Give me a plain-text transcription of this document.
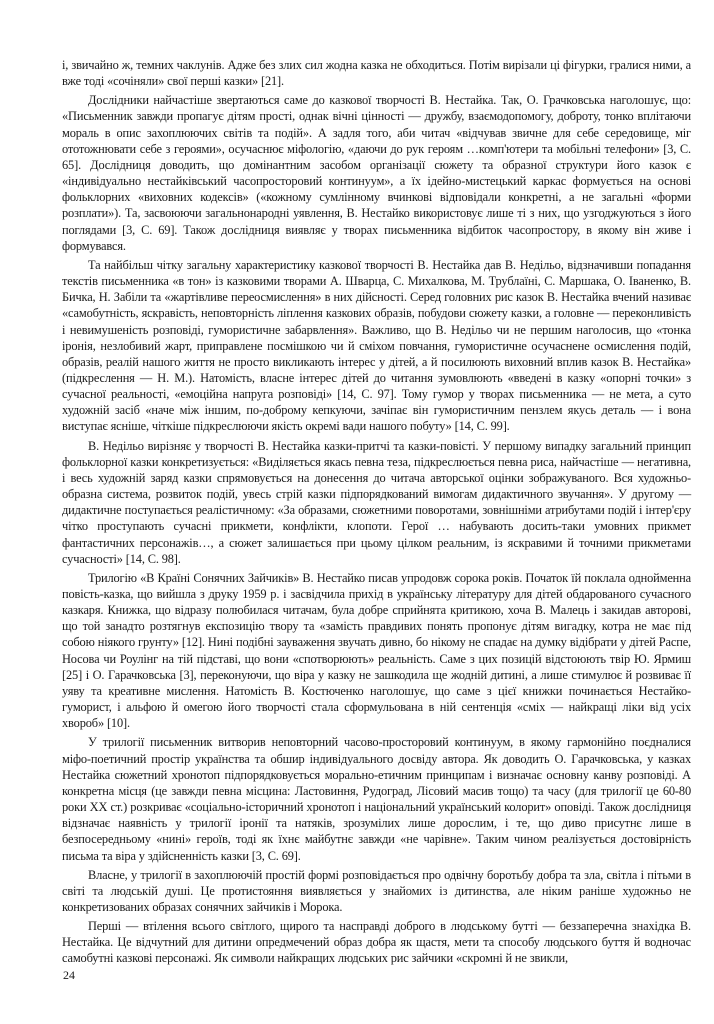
і, звичайно ж, темних чаклунів. Адже без злих сил жодна казка не обходиться. Потім вирізали ці фігурки, гралися ними, а вже тоді «сочіняли» свої перші казки» [21].

Дослідники найчастіше звертаються саме до казкової творчості В. Нестайка. Так, О. Грачковська наголошує, що: «Письменник завжди пропагує дітям прості, однак вічні цінності — дружбу, взаємодопомогу, доброту, тонко вплітаючи мораль в опис захоплюючих світів та подій». А задля того, аби читач «відчував звичне для себе середовище, міг ототожнювати себе з героями», осучаснює міфологію, «даючи до рук героям …комп'ютери та мобільні телефони» [3, С. 65]. Дослідниця доводить, що домінантним засобом організації сюжету та образної структури його казок є «індивідуально нестайківський часопросторовий континуум», а їх ідейно-мистецький каркас формується на основі фольклорних «виховних кодексів» («кожному сумлінному вчинкові відповідали конкретні, а не загальні «форми розплати»). Та, засвоюючи загальнонародні уявлення, В. Нестайко використовує лише ті з них, що узгоджуються з його поглядами [3, С. 69]. Також дослідниця виявляє у творах письменника відбиток часопростору, в якому він живе і формувався.

Та найбільш чітку загальну характеристику казкової творчості В. Нестайка дав В. Недільо, відзначивши попадання текстів письменника «в тон» із казковими творами А. Шварца, С. Михалкова, М. Трублаїні, С. Маршака, О. Іваненко, В. Бичка, Н. Забіли та «жартівливе переосмислення» в них дійсності. Серед головних рис казок В. Нестайка вчений називає «самобутність, яскравість, неповторність ліплення казкових образів, побудови сюжету казки, а головне — переконливість і невимушеність розповіді, гумористичне забарвлення». Важливо, що В. Недільо чи не першим наголосив, що «тонка іронія, незлобивий жарт, приправлене посмішкою чи й сміхом повчання, гумористичне осучаснене осмислення подій, образів, реалій нашого життя не просто викликають інтерес у дітей, а й посилюють виховний вплив казок В. Нестайка» (підкреслення — Н. М.). Натомість, власне інтерес дітей до читання зумовлюють «введені в казку «опорні точки» з сучасної реальності, «емоційна напруга розповіді» [14, С. 97]. Тому гумор у творах письменника — не мета, а суто художній засіб «наче між іншим, по-доброму кепкуючи, зачіпає він гумористичним пензлем якусь деталь — і вона виступає ясніше, чіткіше підкреслюючи якість окремі вади нашого побуту» [14, С. 99].

В. Недільо вирізняє у творчості В. Нестайка казки-притчі та казки-повісті. У першому випадку загальний принцип фольклорної казки конкретизується: «Виділяється якась певна теза, підкреслюється певна риса, найчастіше — негативна, і весь художній заряд казки спрямовується на донесення до читача авторської оцінки зображуваного. Вся художньо-образна система, розвиток подій, увесь стрій казки підпорядкований вимогам дидактичного звучання». У другому — дидактичне поступається реалістичному: «За образами, сюжетними поворотами, зовнішніми атрибутами подій і інтер'єру чітко проступають сучасні прикмети, конфлікти, клопоти. Герої … набувають досить-таки умовних прикмет фантастичних персонажів…, а сюжет залишається при цьому цілком реальним, із яскравими й точними прикметами сучасності» [14, С. 98].

Трилогію «В Країні Сонячних Зайчиків» В. Нестайко писав упродовж сорока років. Початок їй поклала однойменна повість-казка, що вийшла з друку 1959 р. і засвідчила прихід в українську літературу для дітей обдарованого сучасного казкаря. Книжка, що відразу полюбилася читачам, була добре сприйнята критикою, хоча В. Малець і закидав авторові, що той занадто розтягнув експозицію твору та «замість правдивих понять пропонує дітям вигадку, котра не має під собою ніякого грунту» [12]. Нині подібні зауваження звучать дивно, бо нікому не спадає на думку відібрати у дітей Распе, Носова чи Роулінг на тій підставі, що вони «спотворюють» реальність. Саме з цих позицій відстоюють твір Ю. Ярмиш [25] і О. Гарачковська [3], переконуючи, що віра у казку не зашкодила ще жодній дитині, а лише стимулює й розвиває її уяву та креативне мислення. Натомість В. Костюченко наголошує, що саме з цієї книжки починається Нестайко-гуморист, і альфою й омегою його творчості стала сформульована в ній сентенція «сміх — найкращі ліки від усіх хвороб» [10].

У трилогії письменник витворив неповторний часово-просторовий континуум, в якому гармонійно поєдналися міфо-поетичний простір українства та обшир індивідуального досвіду автора. Як доводить О. Гарачковська, у казках Нестайка сюжетний хронотоп підпорядковується морально-етичним принципам і визначає основну канву розповіді. А конкретна місця (це завжди певна місцина: Ластовиння, Рудоград, Лісовий масив тощо) та часу (для трилогії це 60-80 роки ХХ ст.) розкриває «соціально-історичний хронотоп і національний український колорит» оповіді. Також дослідниця відзначає наявність у трилогії іронії та натяків, зрозумілих лише дорослим, і те, що диво присутнє лише в безпосередньому «нині» героїв, тоді як їхнє майбутнє завжди «не чарівне». Таким чином реалізується достовірність письма та віра у здійсненність казки [3, С. 69].

Власне, у трилогії в захоплюючій простій формі розповідається про одвічну боротьбу добра та зла, світла і пітьми в світі та людській душі. Це протистояння виявляється у знайомих із дитинства, але ніким раніше художньо не конкретизованих образах сонячних зайчиків і Морока.

Перші — втілення всього світлого, щирого та насправді доброго в людському бутті — беззаперечна знахідка В. Нестайка. Це відчутний для дитини опредмечений образ добра як щастя, мети та способу людського буття й водночас самобутні казкові персонажі. Як символи найкращих людських рис зайчики «скромні й не звикли,

24
